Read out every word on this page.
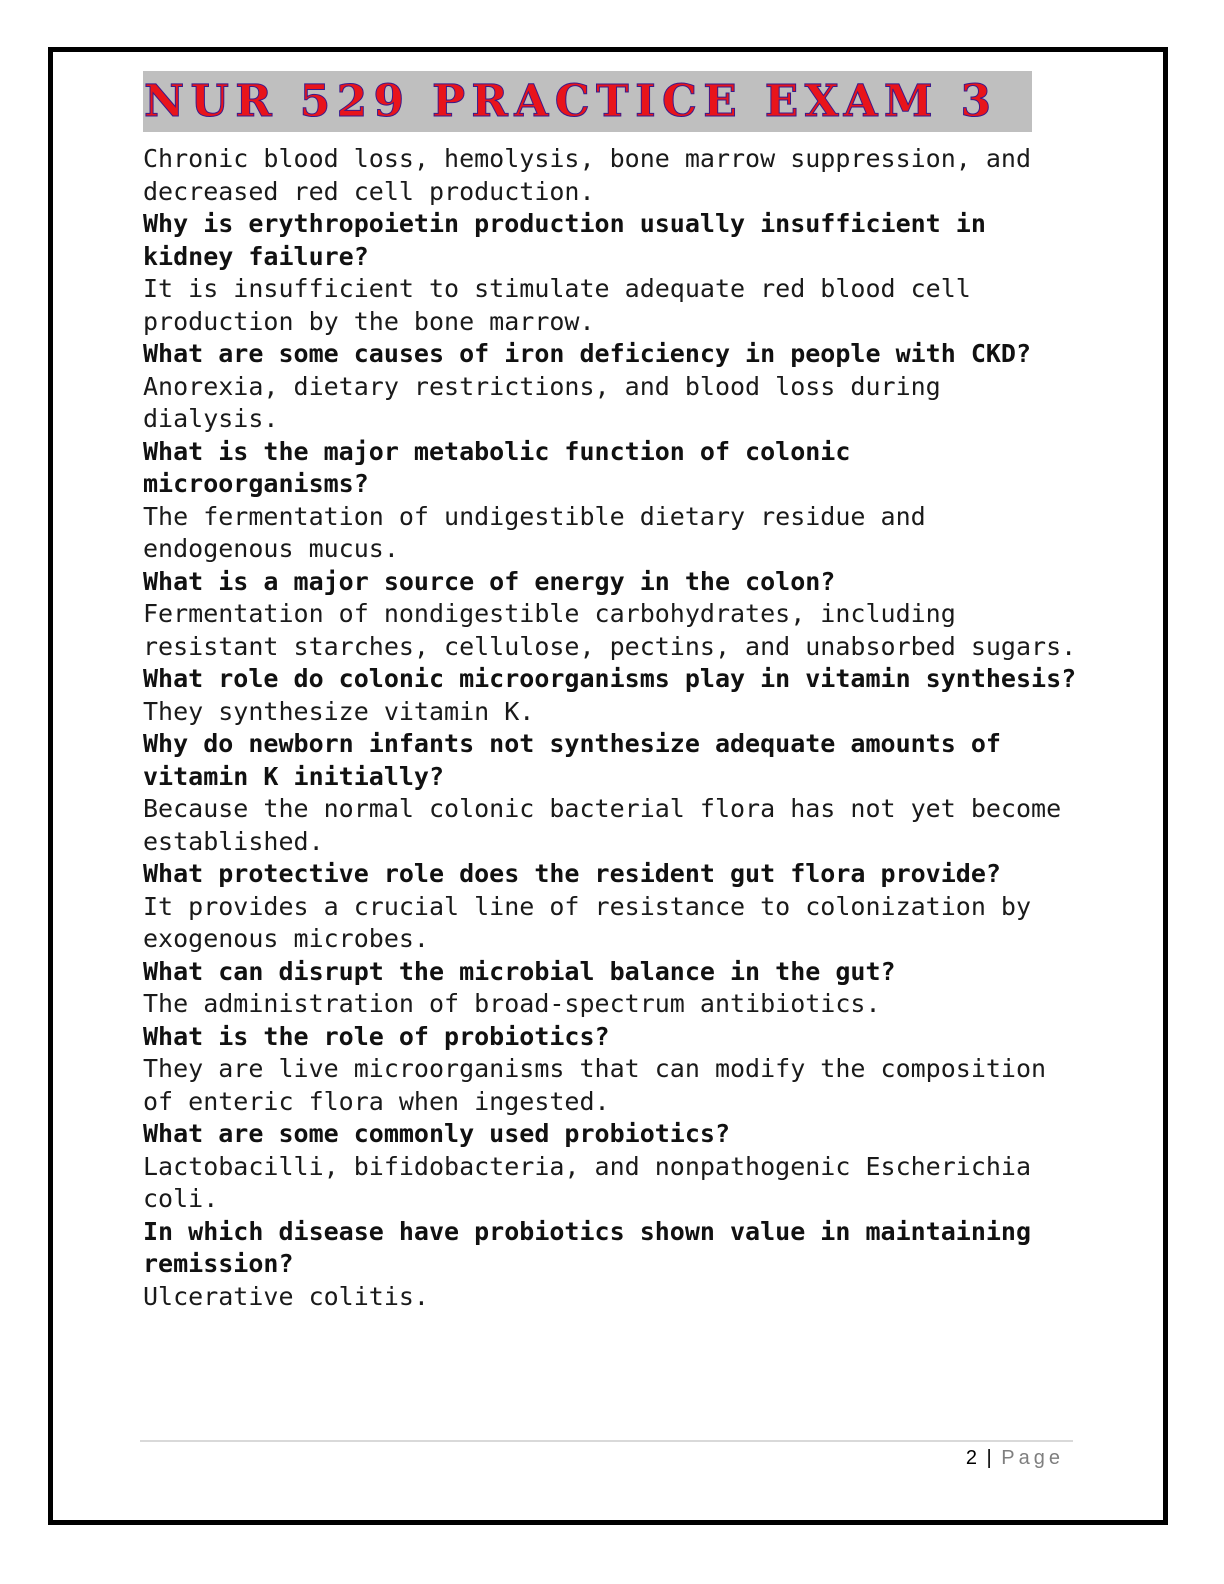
NUR 529 PRACTICE EXAM 3

Chronic blood loss, hemolysis, bone marrow suppression, and decreased red cell production.

Why is erythropoietin production usually insufficient in kidney failure?

It is insufficient to stimulate adequate red blood cell production by the bone marrow.

What are some causes of iron deficiency in people with CKD?

Anorexia, dietary restrictions, and blood loss during dialysis.

What is the major metabolic function of colonic microorganisms?

The fermentation of undigestible dietary residue and endogenous mucus.

What is a major source of energy in the colon?

Fermentation of nondigestible carbohydrates, including resistant starches, cellulose, pectins, and unabsorbed sugars.

What role do colonic microorganisms play in vitamin synthesis?

They synthesize vitamin K.

Why do newborn infants not synthesize adequate amounts of vitamin K initially?

Because the normal colonic bacterial flora has not yet become established.

What protective role does the resident gut flora provide?

It provides a crucial line of resistance to colonization by exogenous microbes.

What can disrupt the microbial balance in the gut?

The administration of broad-spectrum antibiotics.

What is the role of probiotics?

They are live microorganisms that can modify the composition of enteric flora when ingested.

What are some commonly used probiotics?

Lactobacilli, bifidobacteria, and nonpathogenic Escherichia coli.

In which disease have probiotics shown value in maintaining remission?

Ulcerative colitis.

2 | Page
